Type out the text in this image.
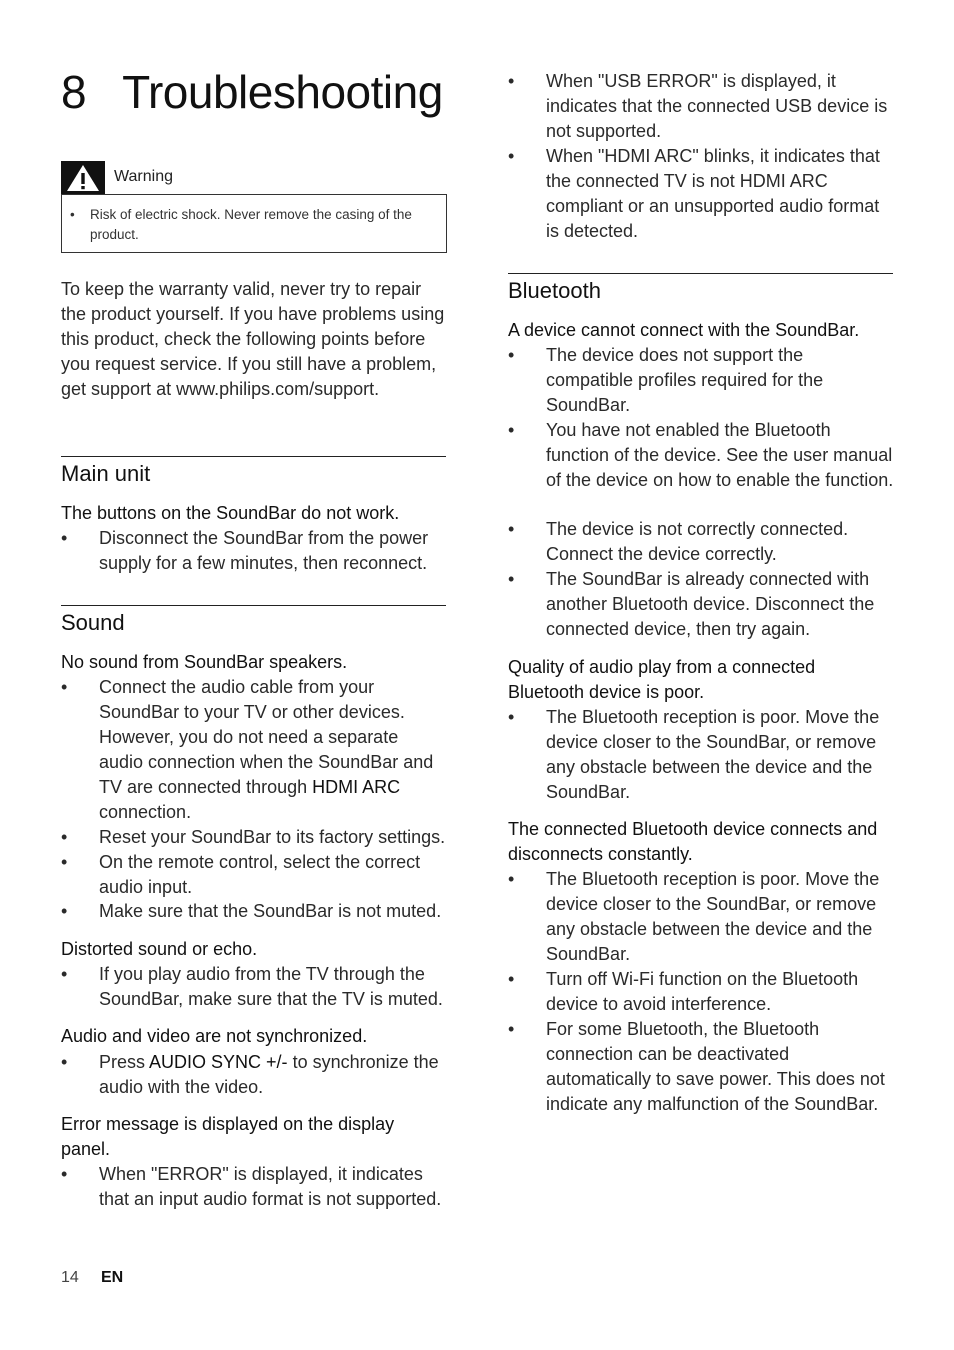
8 Troubleshooting
Warning
• Risk of electric shock. Never remove the casing of the product.

To keep the warranty valid, never try to repair the product yourself. If you have problems using this product, check the following points before you request service. If you still have a problem, get support at www.philips.com/support.

Main unit

The buttons on the SoundBar do not work.

•	Disconnect the SoundBar from the power supply for a few minutes, then reconnect.
Sound

No sound from SoundBar speakers.

•	Connect the audio cable from your SoundBar to your TV or other devices. However, you do not need a separate audio connection when the SoundBar and TV are connected through HDMI ARC connection.
•	Reset your SoundBar to its factory settings.
•	On the remote control, select the correct audio input.
•	Make sure that the SoundBar is not muted.

Distorted sound or echo.

•	If you play audio from the TV through the SoundBar, make sure that the TV is muted.

Audio and video are not synchronized.

•	Press AUDIO SYNC +/- to synchronize the audio with the video.

Error message is displayed on the display panel.

•	When "ERROR" is displayed, it indicates that an input audio format is not supported.
•	When "USB ERROR" is displayed, it indicates that the connected USB device is not supported.
•	When "HDMI ARC" blinks, it indicates that the connected TV is not HDMI ARC compliant or an unsupported audio format is detected.
Bluetooth

A device cannot connect with the SoundBar.

•	The device does not support the compatible profiles required for the SoundBar.
•	You have not enabled the Bluetooth function of the device. See the user manual of the device on how to enable the function.
•	The device is not correctly connected. Connect the device correctly.
•	The SoundBar is already connected with another Bluetooth device. Disconnect the connected device, then try again.

Quality of audio play from a connected Bluetooth device is poor.

•	The Bluetooth reception is poor. Move the device closer to the SoundBar, or remove any obstacle between the device and the SoundBar.

The connected Bluetooth device connects and disconnects constantly.

•	The Bluetooth reception is poor. Move the device closer to the SoundBar, or remove any obstacle between the device and the SoundBar.
•	Turn off Wi-Fi function on the Bluetooth device to avoid interference.
•	For some Bluetooth, the Bluetooth connection can be deactivated automatically to save power. This does not indicate any malfunction of the SoundBar.
14 EN
